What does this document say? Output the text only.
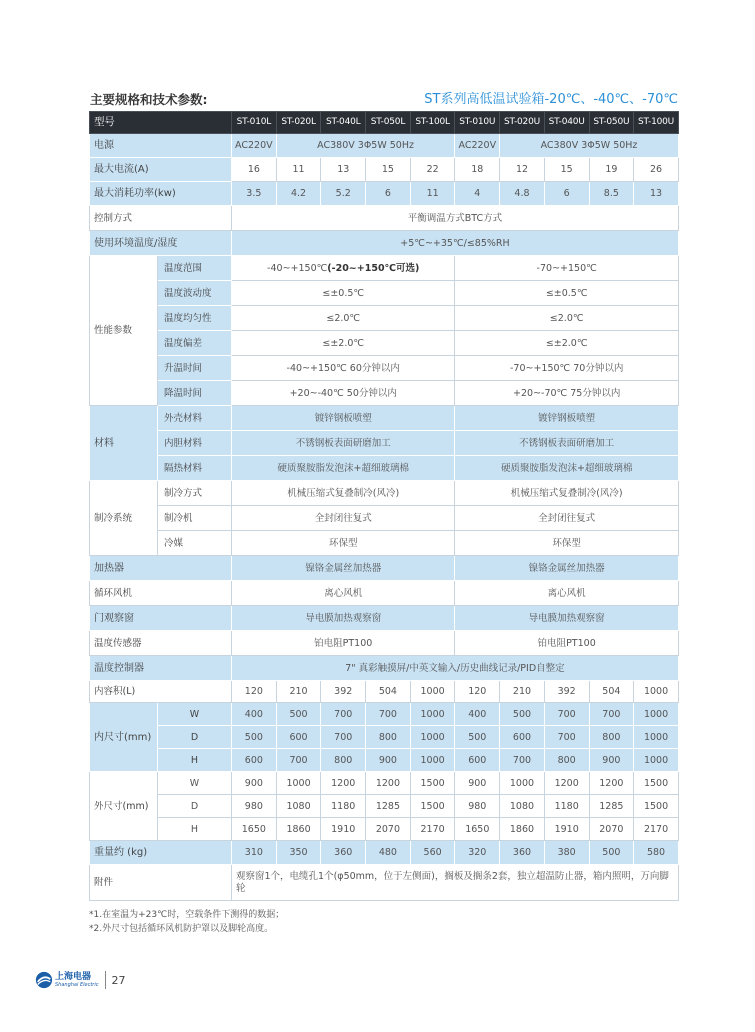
主要规格和技术参数:	ST系列高低温试验箱-20℃、-40℃、-70℃
型号		ST-010L	ST-020L	ST-040L	ST-050L	ST-100L	ST-010U	ST-020U	ST-040U	ST-050U	ST-100U
电源		AC220V	AC380V 3Φ5W 50Hz				AC220V	AC380V 3Φ5W 50Hz			
最大电流(A)		16	11	13	15	22	18	12	15	19	26
最大消耗功率(kw)		3.5	4.2	5.2	6	11	4	4.8	6	8.5	13
控制方式		平衡调温方式BTC方式									
使用环境温度/湿度		+5℃~+35℃/≤85%RH									
性能参数	温度范围	-40~+150℃(-20~+150℃可选)					-70~+150℃				
	温度波动度	≤±0.5℃					≤±0.5℃				
	温度均匀性	≤2.0℃					≤2.0℃				
	温度偏差	≤±2.0℃					≤±2.0℃				
	升温时间	-40~+150℃ 60分钟以内					-70~+150℃ 70分钟以内				
	降温时间	+20~-40℃ 50分钟以内					+20~-70℃ 75分钟以内				
材料	外壳材料	镀锌钢板喷塑					镀锌钢板喷塑				
	内胆材料	不锈钢板表面研磨加工					不锈钢板表面研磨加工				
	隔热材料	硬质聚胺脂发泡沫+超细玻璃棉					硬质聚胺脂发泡沫+超细玻璃棉				
制冷系统	制冷方式	机械压缩式复叠制冷(风冷)					机械压缩式复叠制冷(风冷)				
	制冷机	全封闭往复式					全封闭往复式				
	冷媒	环保型					环保型				
加热器		镍铬金属丝加热器					镍铬金属丝加热器				
循环风机		离心风机					离心风机				
门观察窗		导电膜加热观察窗					导电膜加热观察窗				
温度传感器		铂电阻PT100					铂电阻PT100				
温度控制器		7" 真彩触摸屏/中英文输入/历史曲线记录/PID自整定									
内容积(L)		120	210	392	504	1000	120	210	392	504	1000
内尺寸(mm)	W	400	500	700	700	1000	400	500	700	700	1000
	D	500	600	700	800	1000	500	600	700	800	1000
	H	600	700	800	900	1000	600	700	800	900	1000
外尺寸(mm)	W	900	1000	1200	1200	1500	900	1000	1200	1200	1500
	D	980	1080	1180	1285	1500	980	1080	1180	1285	1500
	H	1650	1860	1910	2070	2170	1650	1860	1910	2070	2170
重量约 (kg)		310	350	360	480	560	320	360	380	500	580
附件		观察窗1个，电缆孔1个(φ50mm，位于左侧面)，搁板及搁条2套，独立超温防止器，箱内照明，万向脚轮									
*1.在室温为+23℃时，空载条件下测得的数据；
*2.外尺寸包括循环风机防护罩以及脚轮高度。
上海电器
Shanghai Electric 27
